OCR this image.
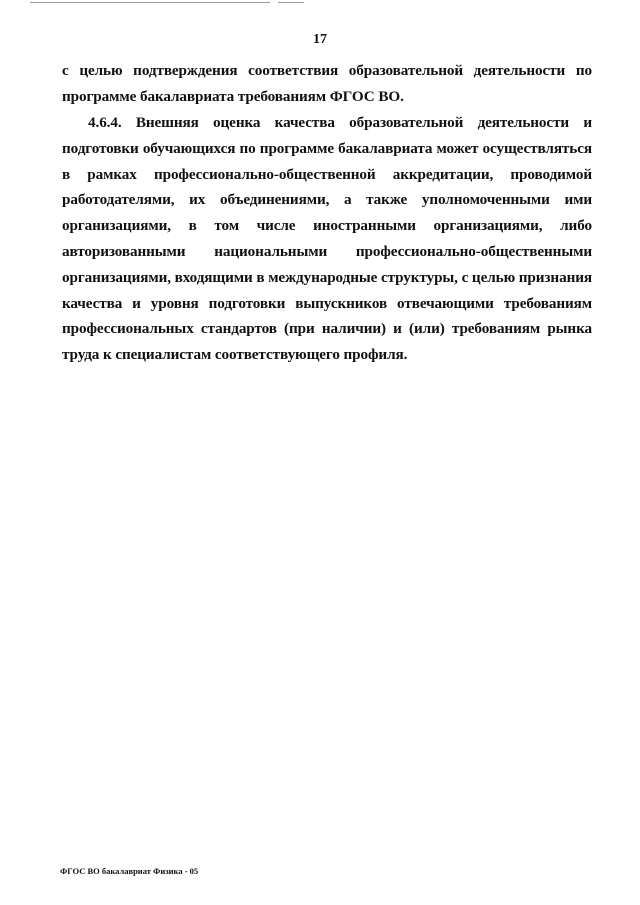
17

с целью подтверждения соответствия образовательной деятельности по программе бакалавриата требованиям ФГОС ВО.

4.6.4. Внешняя оценка качества образовательной деятельности и подготовки обучающихся по программе бакалавриата может осуществляться в рамках профессионально-общественной аккредитации, проводимой работодателями, их объединениями, а также уполномоченными ими организациями, в том числе иностранными организациями, либо авторизованными национальными профессионально-общественными организациями, входящими в международные структуры, с целью признания качества и уровня подготовки выпускников отвечающими требованиям профессиональных стандартов (при наличии) и (или) требованиям рынка труда к специалистам соответствующего профиля.

ФГОС ВО бакалавриат Физика - 05
